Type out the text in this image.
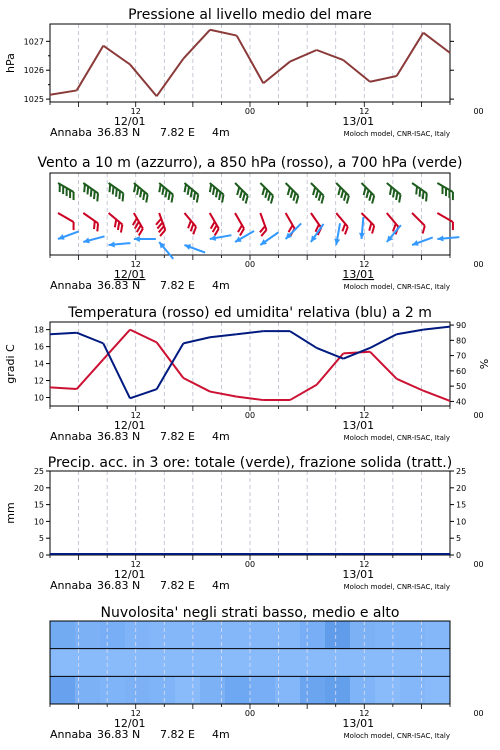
Pressione al livello medio del mare
12	00	12	00
12/01	13/01
Annaba 36.83 N 7.82 E 4m	Moloch model, CNR-ISAC, Italy
Vento a 10 m (azzurro), a 850 hPa (rosso), a 700 hPa (verde)
12	00	12	00
12/01	13/01
Annaba 36.83 N 7.82 E 4m	Moloch model, CNR-ISAC, Italy
Temperatura (rosso) ed umidita' relativa (blu) a 2 m
12	00	12	00
12/01	13/01
Annaba 36.83 N 7.82 E 4m	Moloch model, CNR-ISAC, Italy
Precip. acc. in 3 ore: totale (verde), frazione solida (tratt.)
12	00	12	00
12/01	13/01
Annaba 36.83 N 7.82 E 4m	Moloch model, CNR-ISAC, Italy
Nuvolosita' negli strati basso, medio e alto
12	00	12	00
12/01	13/01
Annaba 36.83 N 7.82 E 4m	Moloch model, CNR-ISAC, Italy
1025
1026
1027
hPa
10
12
14
16
18
40
50
60
70
80
90
gradi C	%
0	0
5	5
10	10
15	15
20	20
25	25
mm
